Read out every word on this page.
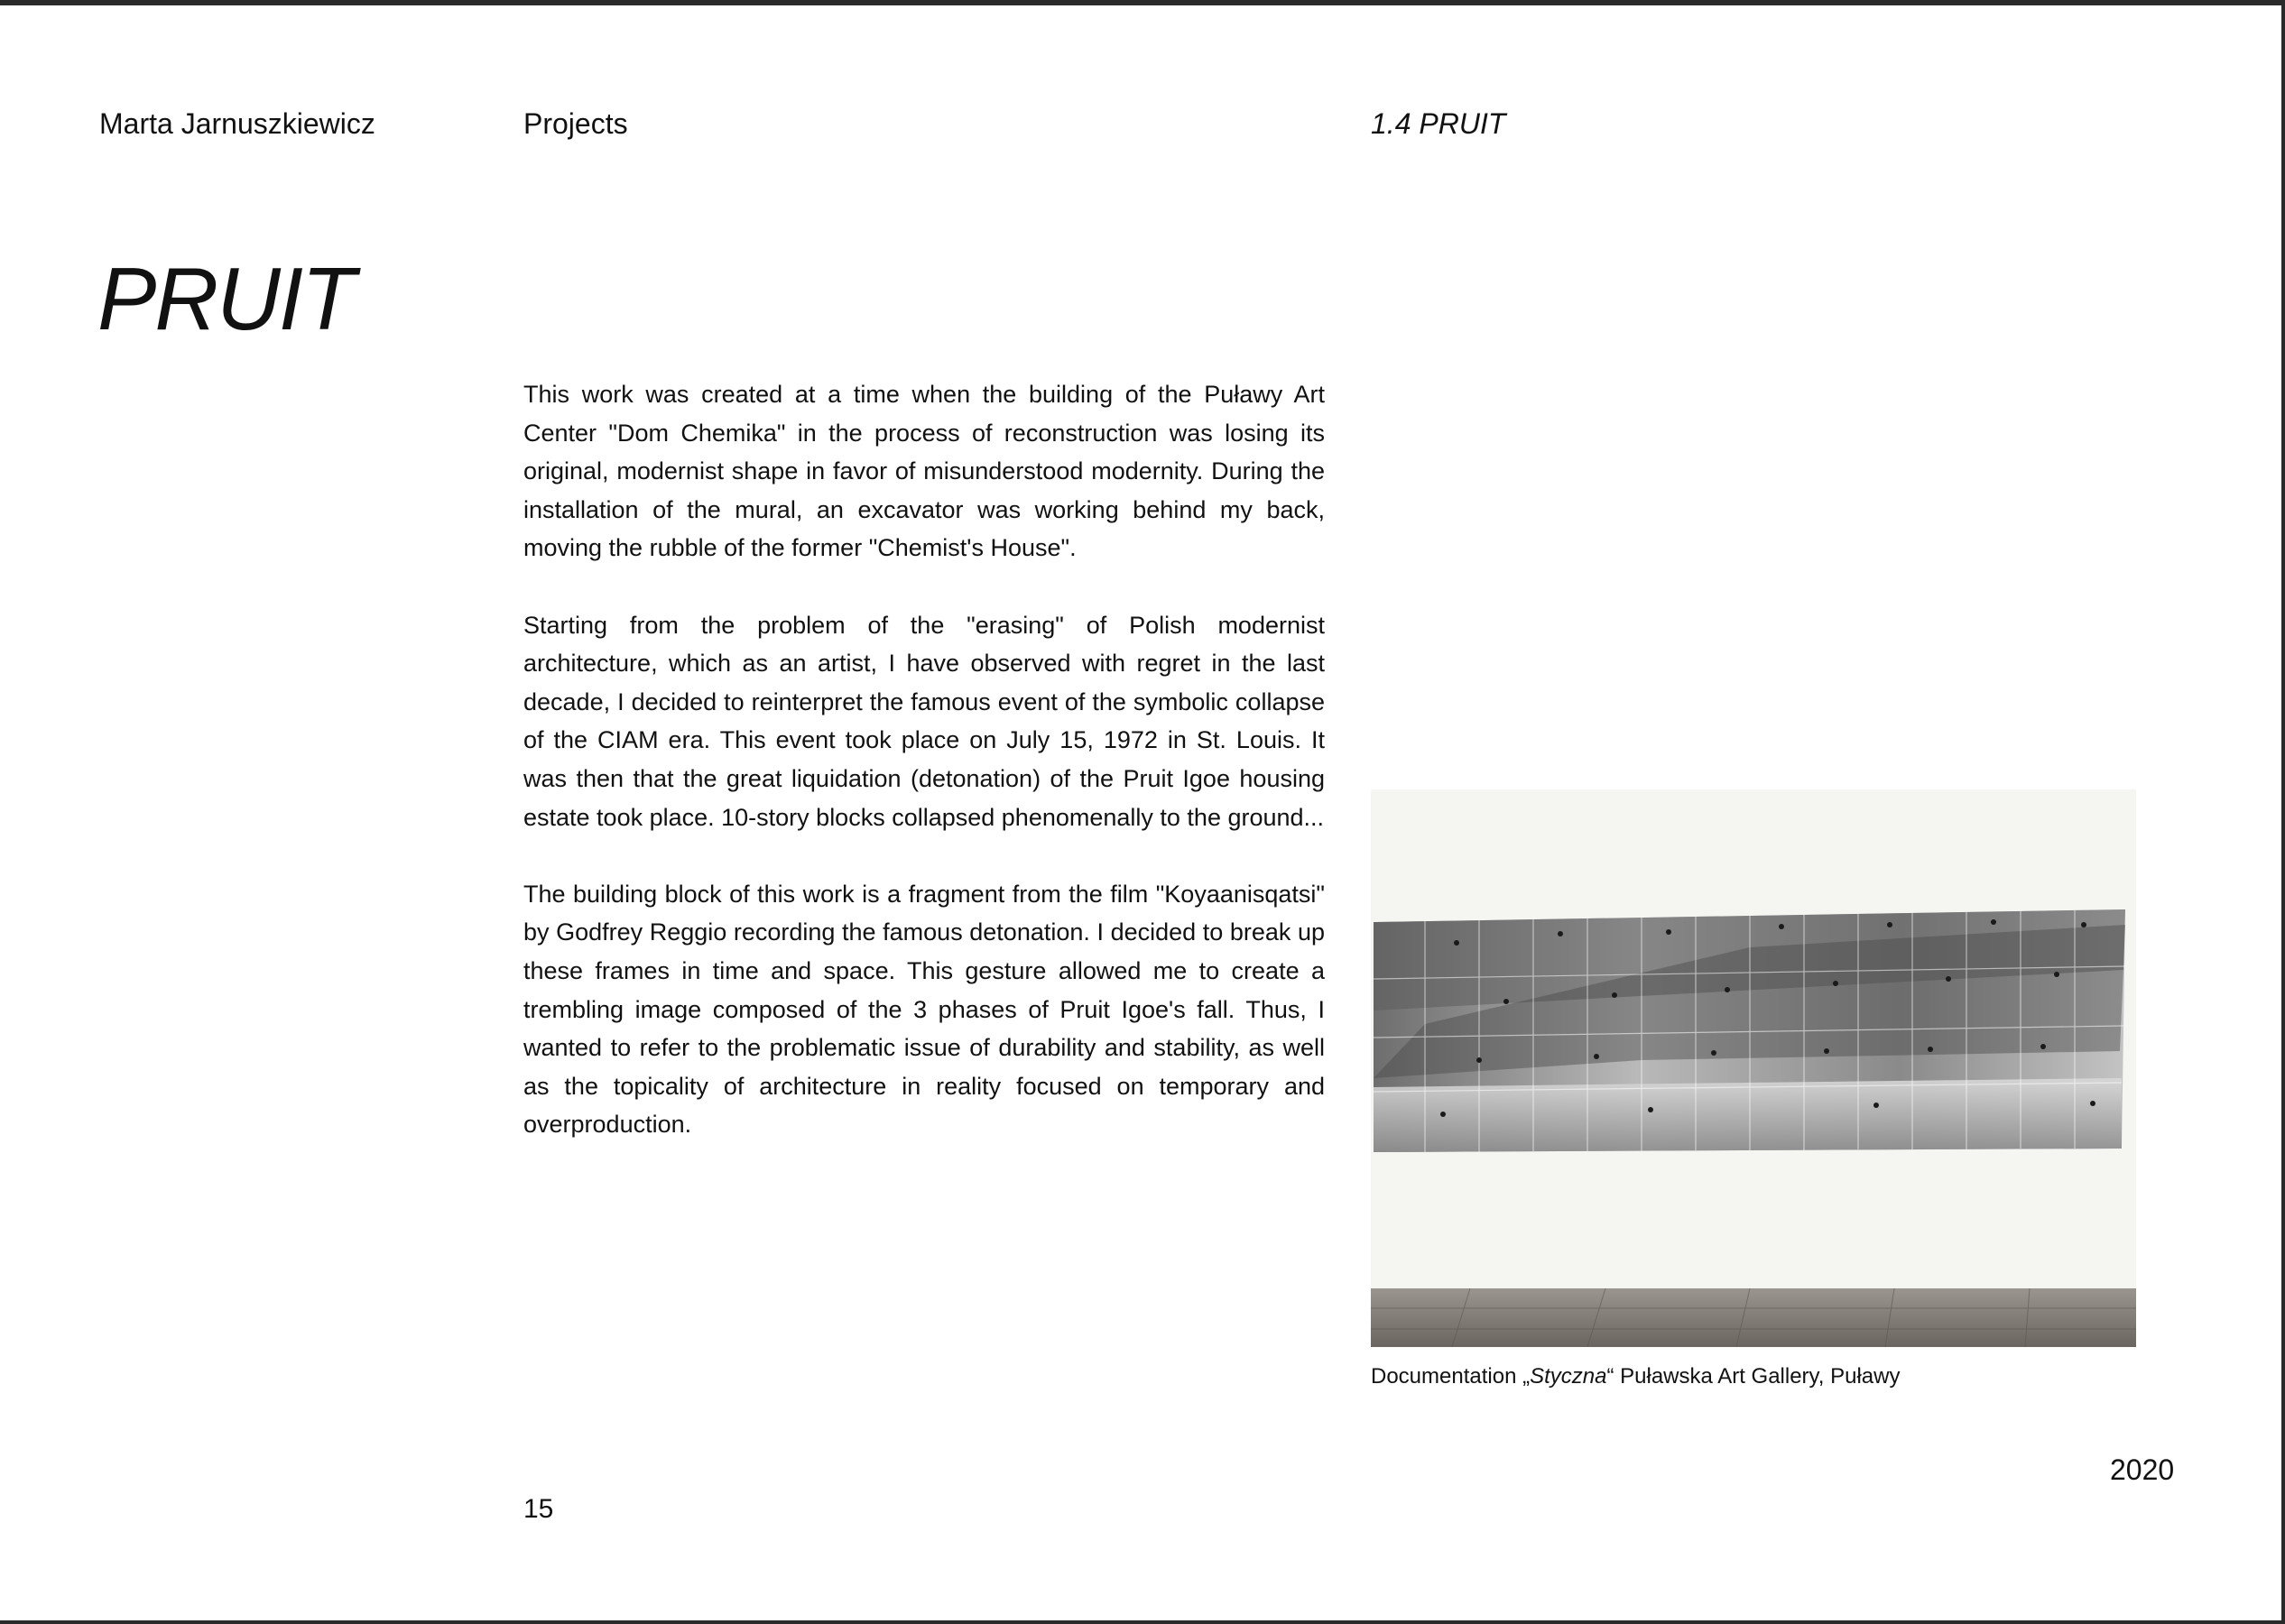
Marta Jarnuszkiewicz	Projects	1.4 PRUIT
PRUIT

This work was created at a time when the building of the Puławy Art Center "Dom Chemika" in the process of reconstruction was losing its original, modernist shape in favor of misunderstood modernity. During the installation of the mural, an excavator was working behind my back, moving the rubble of the former "Chemist's House".

Starting from the problem of the "erasing" of Polish modernist architecture, which as an artist, I have observed with regret in the last decade, I decided to reinterpret the famous event of the symbolic collapse of the CIAM era. This event took place on July 15, 1972 in St. Louis. It was then that the great liquidation (detonation) of the Pruit Igoe housing estate took place. 10-story blocks collapsed phenomenally to the ground...

The building block of this work is a fragment from the film "Koyaanisqatsi" by Godfrey Reggio recording the famous detonation. I decided to break up these frames in time and space. This gesture allowed me to create a trembling image composed of the 3 phases of Pruit Igoe's fall. Thus, I wanted to refer to the problematic issue of durability and stability, as well as the topicality of architecture in reality focused on temporary and overproduction.

Documentation „Styczna“ Puławska Art Gallery, Puławy
2020
15
